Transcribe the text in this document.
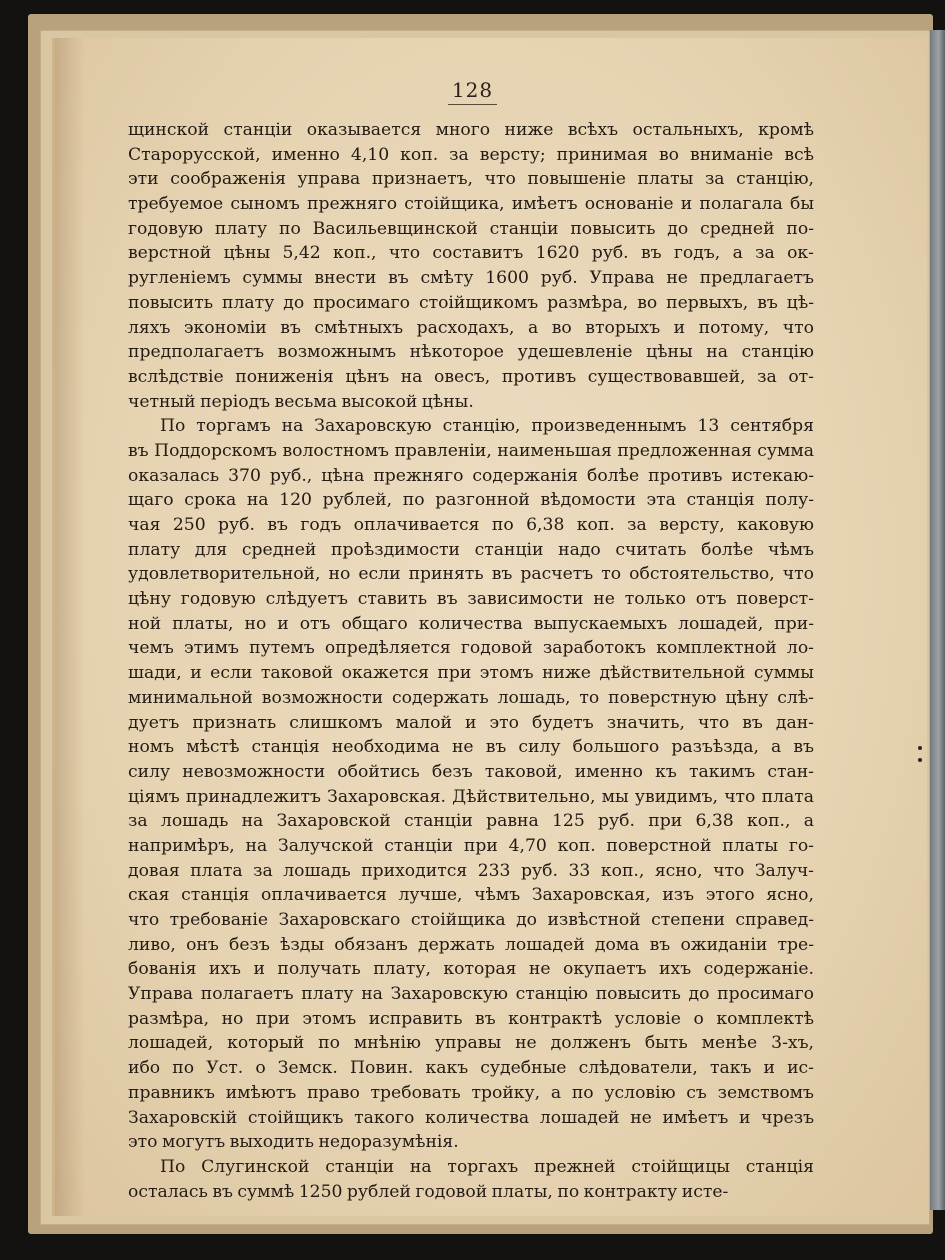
128
щинской станціи оказывается много ниже всѣхъ остальныхъ, кромѣ
Старорусской, именно 4,10 коп. за версту; принимая во вниманіе всѣ
эти соображенія управа признаетъ, что повышеніе платы за станцію,
требуемое сыномъ прежняго стоійщика, имѣетъ основаніе и полагала бы
годовую плату по Васильевщинской станціи повысить до средней по-
верстной цѣны 5,42 коп., что составитъ 1620 руб. въ годъ, а за ок-
ругленіемъ суммы внести въ смѣту 1600 руб. Управа не предлагаетъ
повысить плату до просимаго стоійщикомъ размѣра, во первыхъ, въ цѣ-
ляхъ экономіи въ смѣтныхъ расходахъ, а во вторыхъ и потому, что
предполагаетъ возможнымъ нѣкоторое удешевленіе цѣны на станцію
вслѣдствіе пониженія цѣнъ на овесъ, противъ существовавшей, за от-
четный періодъ весьма высокой цѣны.
По торгамъ на Захаровскую станцію, произведеннымъ 13 сентября
въ Поддорскомъ волостномъ правленіи, наименьшая предложенная сумма
оказалась 370 руб., цѣна прежняго содержанія болѣе противъ истекаю-
щаго срока на 120 рублей, по разгонной вѣдомости эта станція полу-
чая 250 руб. въ годъ оплачивается по 6,38 коп. за версту, каковую
плату для средней проѣздимости станціи надо считать болѣе чѣмъ
удовлетворительной, но если принять въ расчетъ то обстоятельство, что
цѣну годовую слѣдуетъ ставить въ зависимости не только отъ поверст-
ной платы, но и отъ общаго количества выпускаемыхъ лошадей, при-
чемъ этимъ путемъ опредѣляется годовой заработокъ комплектной ло-
шади, и если таковой окажется при этомъ ниже дѣйствительной суммы
минимальной возможности содержать лошадь, то поверстную цѣну слѣ-
дуетъ признать слишкомъ малой и это будетъ значить, что въ дан-
номъ мѣстѣ станція необходима не въ силу большого разъѣзда, а въ
силу невозможности обойтись безъ таковой, именно къ такимъ стан-
ціямъ принадлежитъ Захаровская. Дѣйствительно, мы увидимъ, что плата
за лошадь на Захаровской станціи равна 125 руб. при 6,38 коп., а
напримѣръ, на Залучской станціи при 4,70 коп. поверстной платы го-
довая плата за лошадь приходится 233 руб. 33 коп., ясно, что Залуч-
ская станція оплачивается лучше, чѣмъ Захаровская, изъ этого ясно,
что требованіе Захаровскаго стоійщика до извѣстной степени справед-
ливо, онъ безъ ѣзды обязанъ держать лошадей дома въ ожиданіи тре-
бованія ихъ и получать плату, которая не окупаетъ ихъ содержаніе.
Управа полагаетъ плату на Захаровскую станцію повысить до просимаго
размѣра, но при этомъ исправить въ контрактѣ условіе о комплектѣ
лошадей, который по мнѣнію управы не долженъ быть менѣе 3-хъ,
ибо по Уст. о Земск. Повин. какъ судебные слѣдователи, такъ и ис-
правникъ имѣютъ право требовать тройку, а по условію съ земствомъ
Захаровскій стоійщикъ такого количества лошадей не имѣетъ и чрезъ
это могутъ выходить недоразумѣнія.
По Слугинской станціи на торгахъ прежней стоійщицы станція
осталась въ суммѣ 1250 рублей годовой платы, по контракту исте-
